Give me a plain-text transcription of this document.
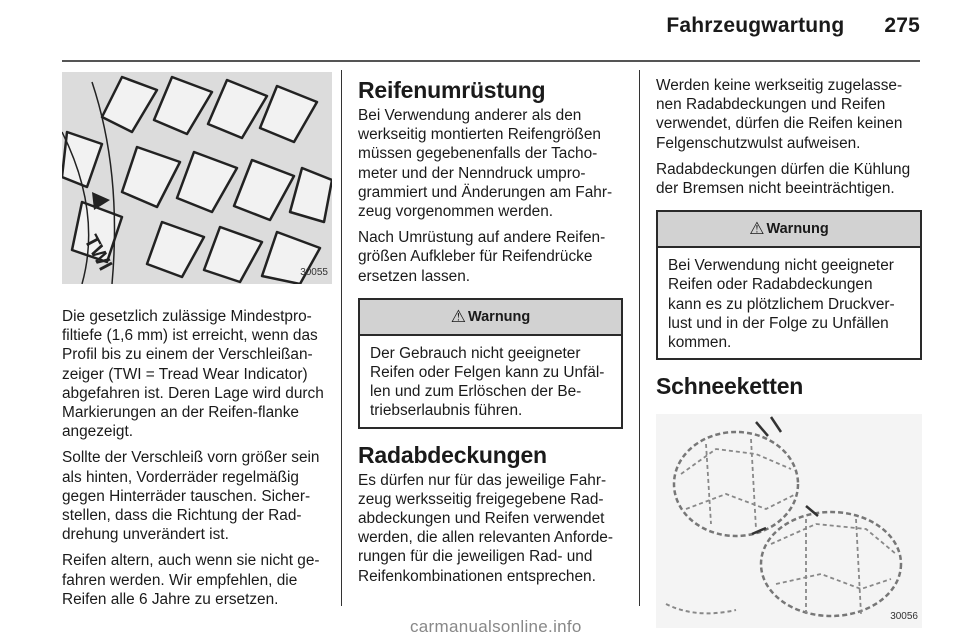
Fahrzeugwartung 275
TWI	30055

Die gesetzlich zulässige Mindestpro-filtiefe (1,6 mm) ist erreicht, wenn das Profil bis zu einem der Verschleißan-zeiger (TWI = Tread Wear Indicator) abgefahren ist. Deren Lage wird durch Markierungen an der Reifen-flanke angezeigt.

Sollte der Verschleiß vorn größer sein als hinten, Vorderräder regelmäßig gegen Hinterräder tauschen. Sicher-stellen, dass die Richtung der Rad-drehung unverändert ist.

Reifen altern, auch wenn sie nicht ge-fahren werden. Wir empfehlen, die Reifen alle 6 Jahre zu ersetzen.

Reifenumrüstung

Bei Verwendung anderer als den werkseitig montierten Reifengrößen müssen gegebenenfalls der Tacho-meter und der Nenndruck umpro-grammiert und Änderungen am Fahr-zeug vorgenommen werden.

Nach Umrüstung auf andere Reifen-größen Aufkleber für Reifendrücke ersetzen lassen.

⚠ Warnung

Der Gebrauch nicht geeigneter Reifen oder Felgen kann zu Unfäl-len und zum Erlöschen der Be-triebserlaubnis führen.

Radabdeckungen

Es dürfen nur für das jeweilige Fahr-zeug werksseitig freigegebene Rad-abdeckungen und Reifen verwendet werden, die allen relevanten Anforde-rungen für die jeweiligen Rad- und Reifenkombinationen entsprechen.

Werden keine werkseitig zugelasse-nen Radabdeckungen und Reifen verwendet, dürfen die Reifen keinen Felgenschutzwulst aufweisen.

Radabdeckungen dürfen die Kühlung der Bremsen nicht beeinträchtigen.

⚠ Warnung

Bei Verwendung nicht geeigneter Reifen oder Radabdeckungen kann es zu plötzlichem Druckver-lust und in der Folge zu Unfällen kommen.

Schneeketten
30056
carmanualsonline.info
